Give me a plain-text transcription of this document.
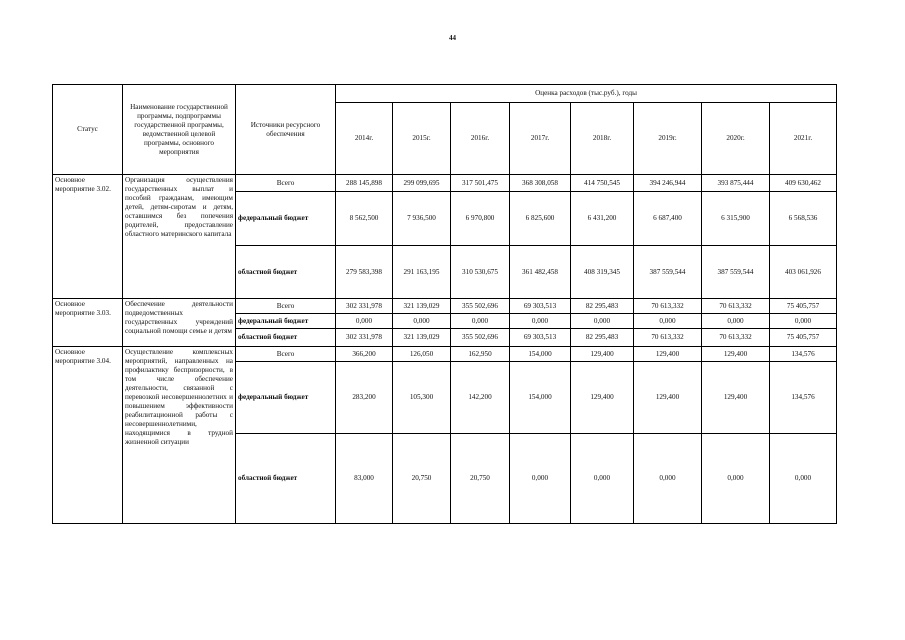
44
Статус	Наименование государственной программы, подпрограммы государственной программы, ведомственной целевой программы, основного мероприятия	Источники ресурсного обеспечения	Оценка расходов (тыс.руб.), годы							
			2014г.	2015г.	2016г.	2017г.	2018г.	2019г.	2020г.	2021г.
Основное мероприятие 3.02.	Организация осуществления государственных выплат и пособий гражданам, имеющим детей, детям-сиротам и детям, оставшимся без попечения родителей, предоставление областного материнского капитала	Всего	288 145,898	299 099,695	317 501,475	368 308,058	414 750,545	394 246,944	393 875,444	409 630,462
		федеральный бюджет	8 562,500	7 936,500	6 970,800	6 825,600	6 431,200	6 687,400	6 315,900	6 568,536
		областной бюджет	279 583,398	291 163,195	310 530,675	361 482,458	408 319,345	387 559,544	387 559,544	403 061,926
Основное мероприятие 3.03.	Обеспечение деятельности подведомственных государственных учреждений социальной помощи семье и детям	Всего	302 331,978	321 139,029	355 502,696	69 303,513	82 295,483	70 613,332	70 613,332	75 405,757
		федеральный бюджет	0,000	0,000	0,000	0,000	0,000	0,000	0,000	0,000
		областной бюджет	302 331,978	321 139,029	355 502,696	69 303,513	82 295,483	70 613,332	70 613,332	75 405,757
Основное мероприятие 3.04.	Осуществление комплексных мероприятий, направленных на профилактику беспризорности, в том числе обеспечение деятельности, связанной с перевозкой несовершеннолетних и повышением эффективности реабилитационной работы с несовершеннолетними, находящимися в трудной жизненной ситуации	Всего	366,200	126,050	162,950	154,000	129,400	129,400	129,400	134,576
		федеральный бюджет	283,200	105,300	142,200	154,000	129,400	129,400	129,400	134,576
		областной бюджет	83,000	20,750	20,750	0,000	0,000	0,000	0,000	0,000
